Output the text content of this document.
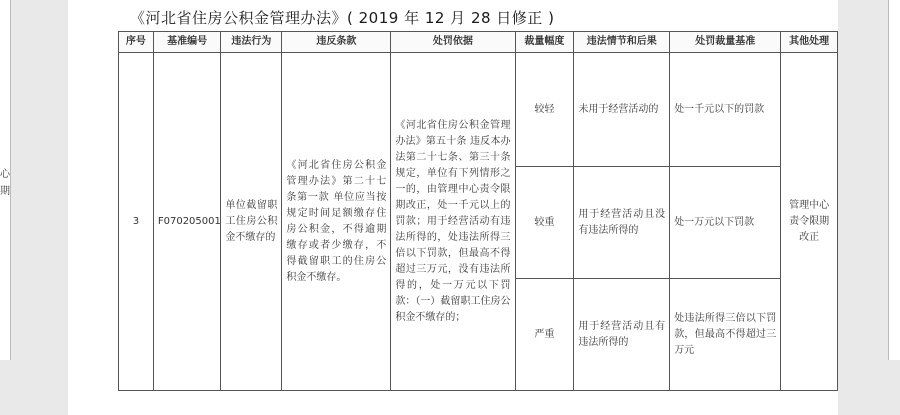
心
期
《河北省住房公积金管理办法》( 2019 年 12 月 28 日修正 )
序号	基准编号	违法行为	违反条款	处罚依据	裁量幅度	违法情节和后果	处罚裁量基准	其他处理
3	F070205001	单位截留职工住房公积金不缴存的	《河北省住房公积金管理办法》第二十七条第一款 单位应当按规定时间足额缴存住房公积金，不得逾期缴存或者少缴存，不得截留职工的住房公积金不缴存。	《河北省住房公积金管理办法》第五十条 违反本办法第二十七条、第三十条规定，单位有下列情形之一的，由管理中心责令限期改正，处一千元以上的罚款；用于经营活动有违法所得的，处违法所得三倍以下罚款，但最高不得超过三万元，没有违法所得的，处一万元以下罚款：（一）截留职工住房公积金不缴存的；	较轻	未用于经营活动的	处一千元以下的罚款	管理中心责令限期改正
					较重	用于经营活动且没有违法所得的	处一万元以下罚款	
					严重	用于经营活动且有违法所得的	处违法所得三倍以下罚款，但最高不得超过三万元	
